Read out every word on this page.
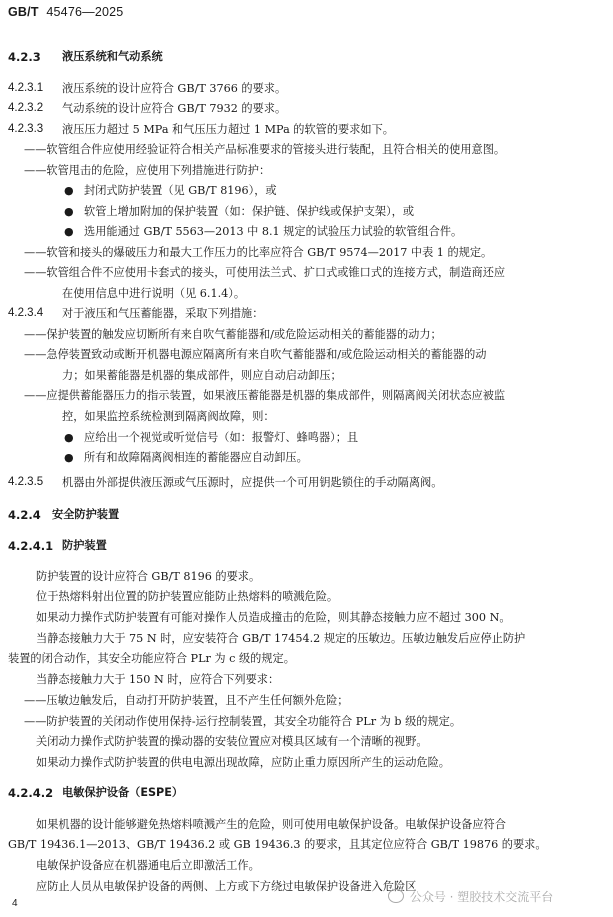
GB/T 45476—2025
4.2.3 液压系统和气动系统
4.2.3.1 液压系统的设计应符合 GB/T 3766 的要求。
4.2.3.2 气动系统的设计应符合 GB/T 7932 的要求。
4.2.3.3 液压压力超过 5 MPa 和气压压力超过 1 MPa 的软管的要求如下。
——软管组合件应使用经验证符合相关产品标准要求的管接头进行装配，且符合相关的使用意图。
——软管甩击的危险，应使用下列措施进行防护：
● 封闭式防护装置（见 GB/T 8196），或
● 软管上增加附加的保护装置（如：保护链、保护线或保护支架），或
● 选用能通过 GB/T 5563—2013 中 8.1 规定的试验压力试验的软管组合件。
——软管和接头的爆破压力和最大工作压力的比率应符合 GB/T 9574—2017 中表 1 的规定。
——软管组合件不应使用卡套式的接头，可使用法兰式、扩口式或锥口式的连接方式，制造商还应
在使用信息中进行说明（见 6.1.4）。
4.2.3.4 对于液压和气压蓄能器，采取下列措施：
——保护装置的触发应切断所有来自吹气蓄能器和/或危险运动相关的蓄能器的动力；
——急停装置致动或断开机器电源应隔离所有来自吹气蓄能器和/或危险运动相关的蓄能器的动
力；如果蓄能器是机器的集成部件，则应自动启动卸压；
——应提供蓄能器压力的指示装置，如果液压蓄能器是机器的集成部件，则隔离阀关闭状态应被监
控，如果监控系统检测到隔离阀故障，则：
● 应给出一个视觉或听觉信号（如：报警灯、蜂鸣器）；且
● 所有和故障隔离阀相连的蓄能器应自动卸压。
4.2.3.5 机器由外部提供液压源或气压源时，应提供一个可用钥匙锁住的手动隔离阀。
4.2.4 安全防护装置
4.2.4.1 防护装置
防护装置的设计应符合 GB/T 8196 的要求。
位于热熔料射出位置的防护装置应能防止热熔料的喷溅危险。
如果动力操作式防护装置有可能对操作人员造成撞击的危险，则其静态接触力应不超过 300 N。
当静态接触力大于 75 N 时，应安装符合 GB/T 17454.2 规定的压敏边。压敏边触发后应停止防护
装置的闭合动作，其安全功能应符合 PLr 为 c 级的规定。
当静态接触力大于 150 N 时，应符合下列要求：
——压敏边触发后，自动打开防护装置，且不产生任何额外危险；
——防护装置的关闭动作使用保持-运行控制装置，其安全功能符合 PLr 为 b 级的规定。
关闭动力操作式防护装置的操动器的安装位置应对模具区域有一个清晰的视野。
如果动力操作式防护装置的供电电源出现故障，应防止重力原因所产生的运动危险。
4.2.4.2 电敏保护设备（ESPE）
如果机器的设计能够避免热熔料喷溅产生的危险，则可使用电敏保护设备。电敏保护设备应符合
GB/T 19436.1—2013、GB/T 19436.2 或 GB 19436.3 的要求，且其定位应符合 GB/T 19876 的要求。
电敏保护设备应在机器通电后立即激活工作。
应防止人员从电敏保护设备的两侧、上方或下方绕过电敏保护设备进入危险区
4	公众号 · 塑胶技术交流平台
